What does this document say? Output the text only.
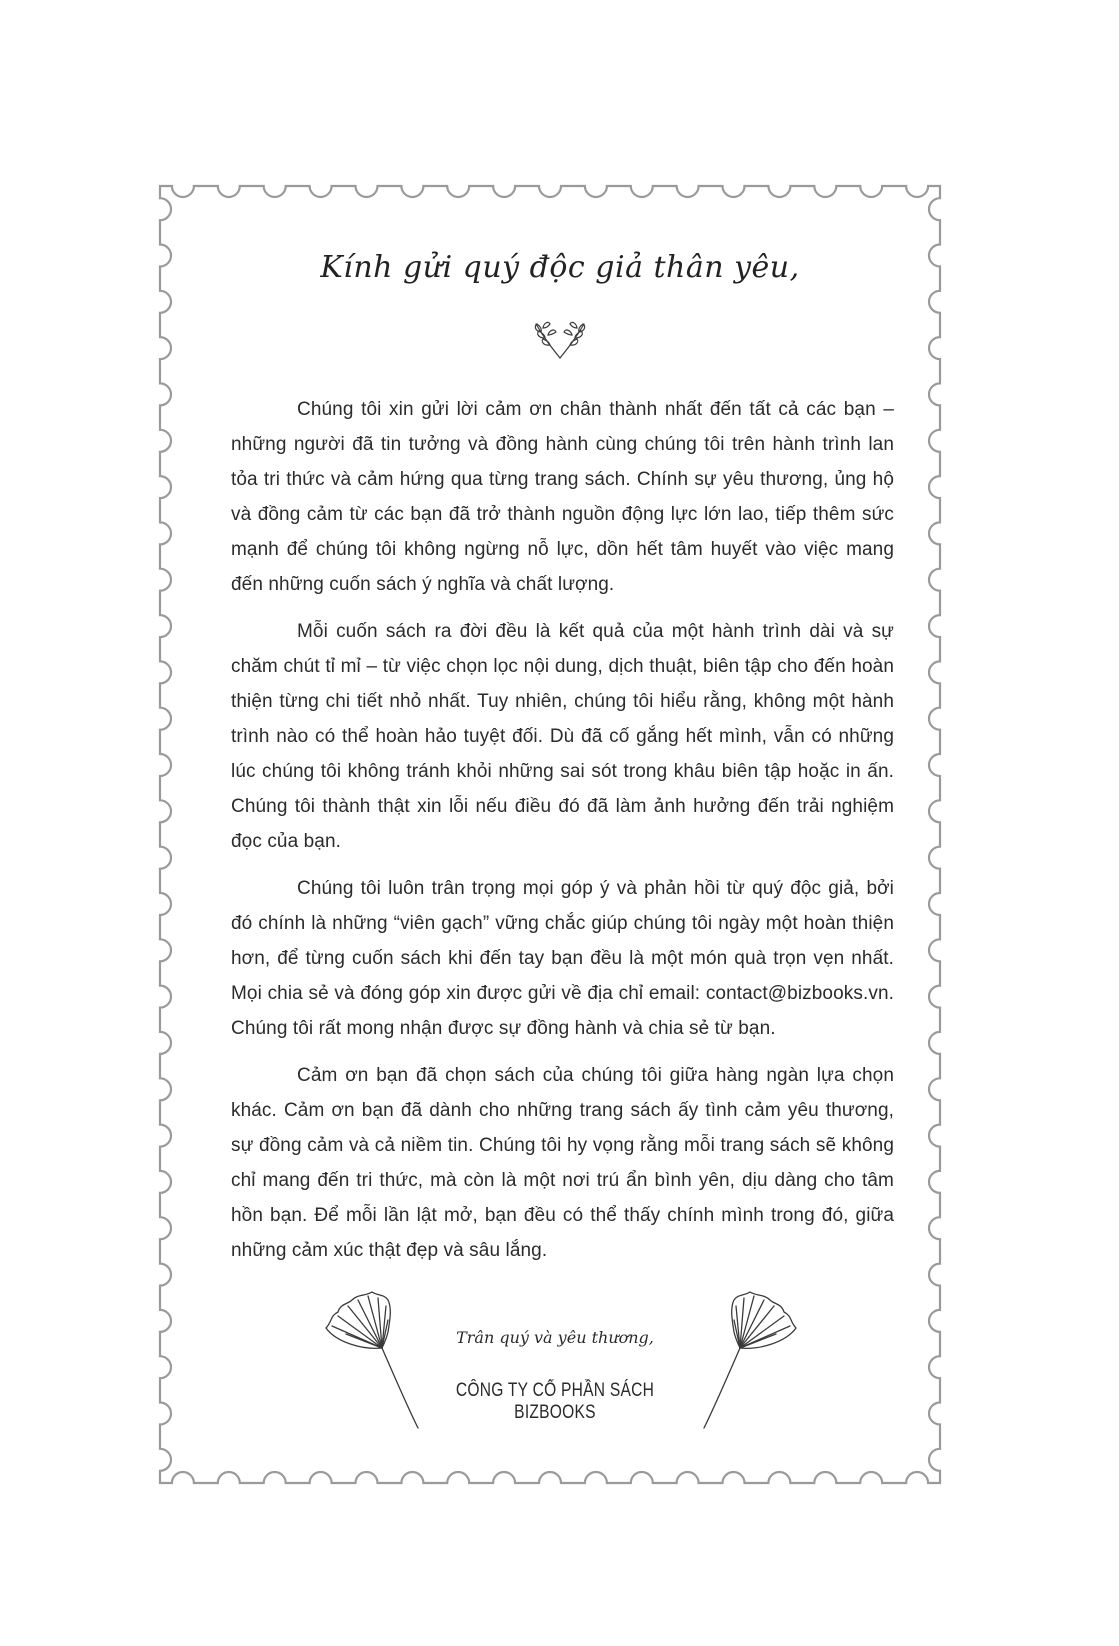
Kính gửi quý độc giả thân yêu,

Chúng tôi xin gửi lời cảm ơn chân thành nhất đến tất cả các bạn – những người đã tin tưởng và đồng hành cùng chúng tôi trên hành trình lan tỏa tri thức và cảm hứng qua từng trang sách. Chính sự yêu thương, ủng hộ và đồng cảm từ các bạn đã trở thành nguồn động lực lớn lao, tiếp thêm sức mạnh để chúng tôi không ngừng nỗ lực, dồn hết tâm huyết vào việc mang đến những cuốn sách ý nghĩa và chất lượng.

Mỗi cuốn sách ra đời đều là kết quả của một hành trình dài và sự chăm chút tỉ mỉ – từ việc chọn lọc nội dung, dịch thuật, biên tập cho đến hoàn thiện từng chi tiết nhỏ nhất. Tuy nhiên, chúng tôi hiểu rằng, không một hành trình nào có thể hoàn hảo tuyệt đối. Dù đã cố gắng hết mình, vẫn có những lúc chúng tôi không tránh khỏi những sai sót trong khâu biên tập hoặc in ấn. Chúng tôi thành thật xin lỗi nếu điều đó đã làm ảnh hưởng đến trải nghiệm đọc của bạn.

Chúng tôi luôn trân trọng mọi góp ý và phản hồi từ quý độc giả, bởi đó chính là những “viên gạch” vững chắc giúp chúng tôi ngày một hoàn thiện hơn, để từng cuốn sách khi đến tay bạn đều là một món quà trọn vẹn nhất. Mọi chia sẻ và đóng góp xin được gửi về địa chỉ email: contact@bizbooks.vn. Chúng tôi rất mong nhận được sự đồng hành và chia sẻ từ bạn.

Cảm ơn bạn đã chọn sách của chúng tôi giữa hàng ngàn lựa chọn khác. Cảm ơn bạn đã dành cho những trang sách ấy tình cảm yêu thương, sự đồng cảm và cả niềm tin. Chúng tôi hy vọng rằng mỗi trang sách sẽ không chỉ mang đến tri thức, mà còn là một nơi trú ẩn bình yên, dịu dàng cho tâm hồn bạn. Để mỗi lần lật mở, bạn đều có thể thấy chính mình trong đó, giữa những cảm xúc thật đẹp và sâu lắng.

Trân quý và yêu thương,
CÔNG TY CỔ PHẦN SÁCH BIZBOOKS
